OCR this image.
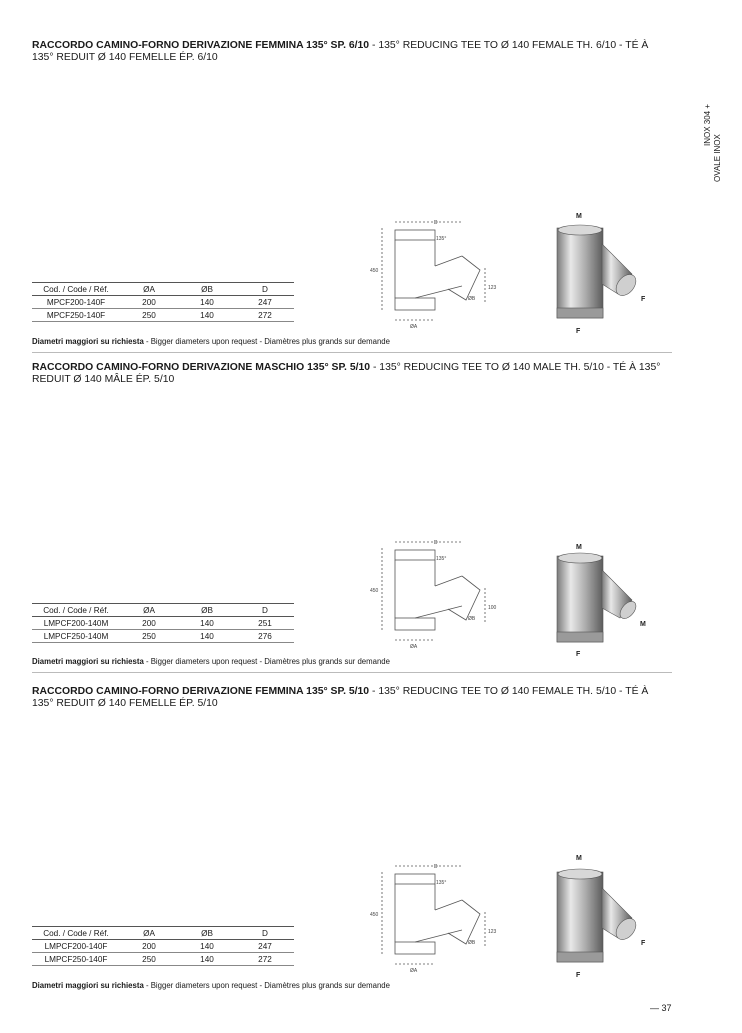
INOX 304 +
OVALE INOX
RACCORDO CAMINO-FORNO DERIVAZIONE FEMMINA 135° SP. 6/10 - 135° REDUCING TEE TO Ø 140 FEMALE TH. 6/10 - TÉ À 135° REDUIT Ø 140 FEMELLE ÉP. 6/10
D
135°
450
ØB
123
ØA
M
F
F
Cod. / Code / Réf.	ØA	ØB	D
MPCF200-140F	200	140	247
MPCF250-140F	250	140	272
Diametri maggiori su richiesta - Bigger diameters upon request - Diamètres plus grands sur demande
RACCORDO CAMINO-FORNO DERIVAZIONE MASCHIO 135° SP. 5/10 - 135° REDUCING TEE TO Ø 140 MALE TH. 5/10 - TÉ À 135° REDUIT Ø 140 MÂLE ÉP. 5/10
D
135°
450
ØB
100
ØA
M
M
F
Cod. / Code / Réf.	ØA	ØB	D
LMPCF200-140M	200	140	251
LMPCF250-140M	250	140	276
Diametri maggiori su richiesta - Bigger diameters upon request - Diamètres plus grands sur demande
RACCORDO CAMINO-FORNO DERIVAZIONE FEMMINA 135° SP. 5/10 - 135° REDUCING TEE TO Ø 140 FEMALE TH. 5/10 - TÉ À 135° REDUIT Ø 140 FEMELLE ÉP. 5/10
D
135°
450
ØB
123
ØA
M
F
F
Cod. / Code / Réf.	ØA	ØB	D
LMPCF200-140F	200	140	247
LMPCF250-140F	250	140	272
Diametri maggiori su richiesta - Bigger diameters upon request - Diamètres plus grands sur demande
— 37
